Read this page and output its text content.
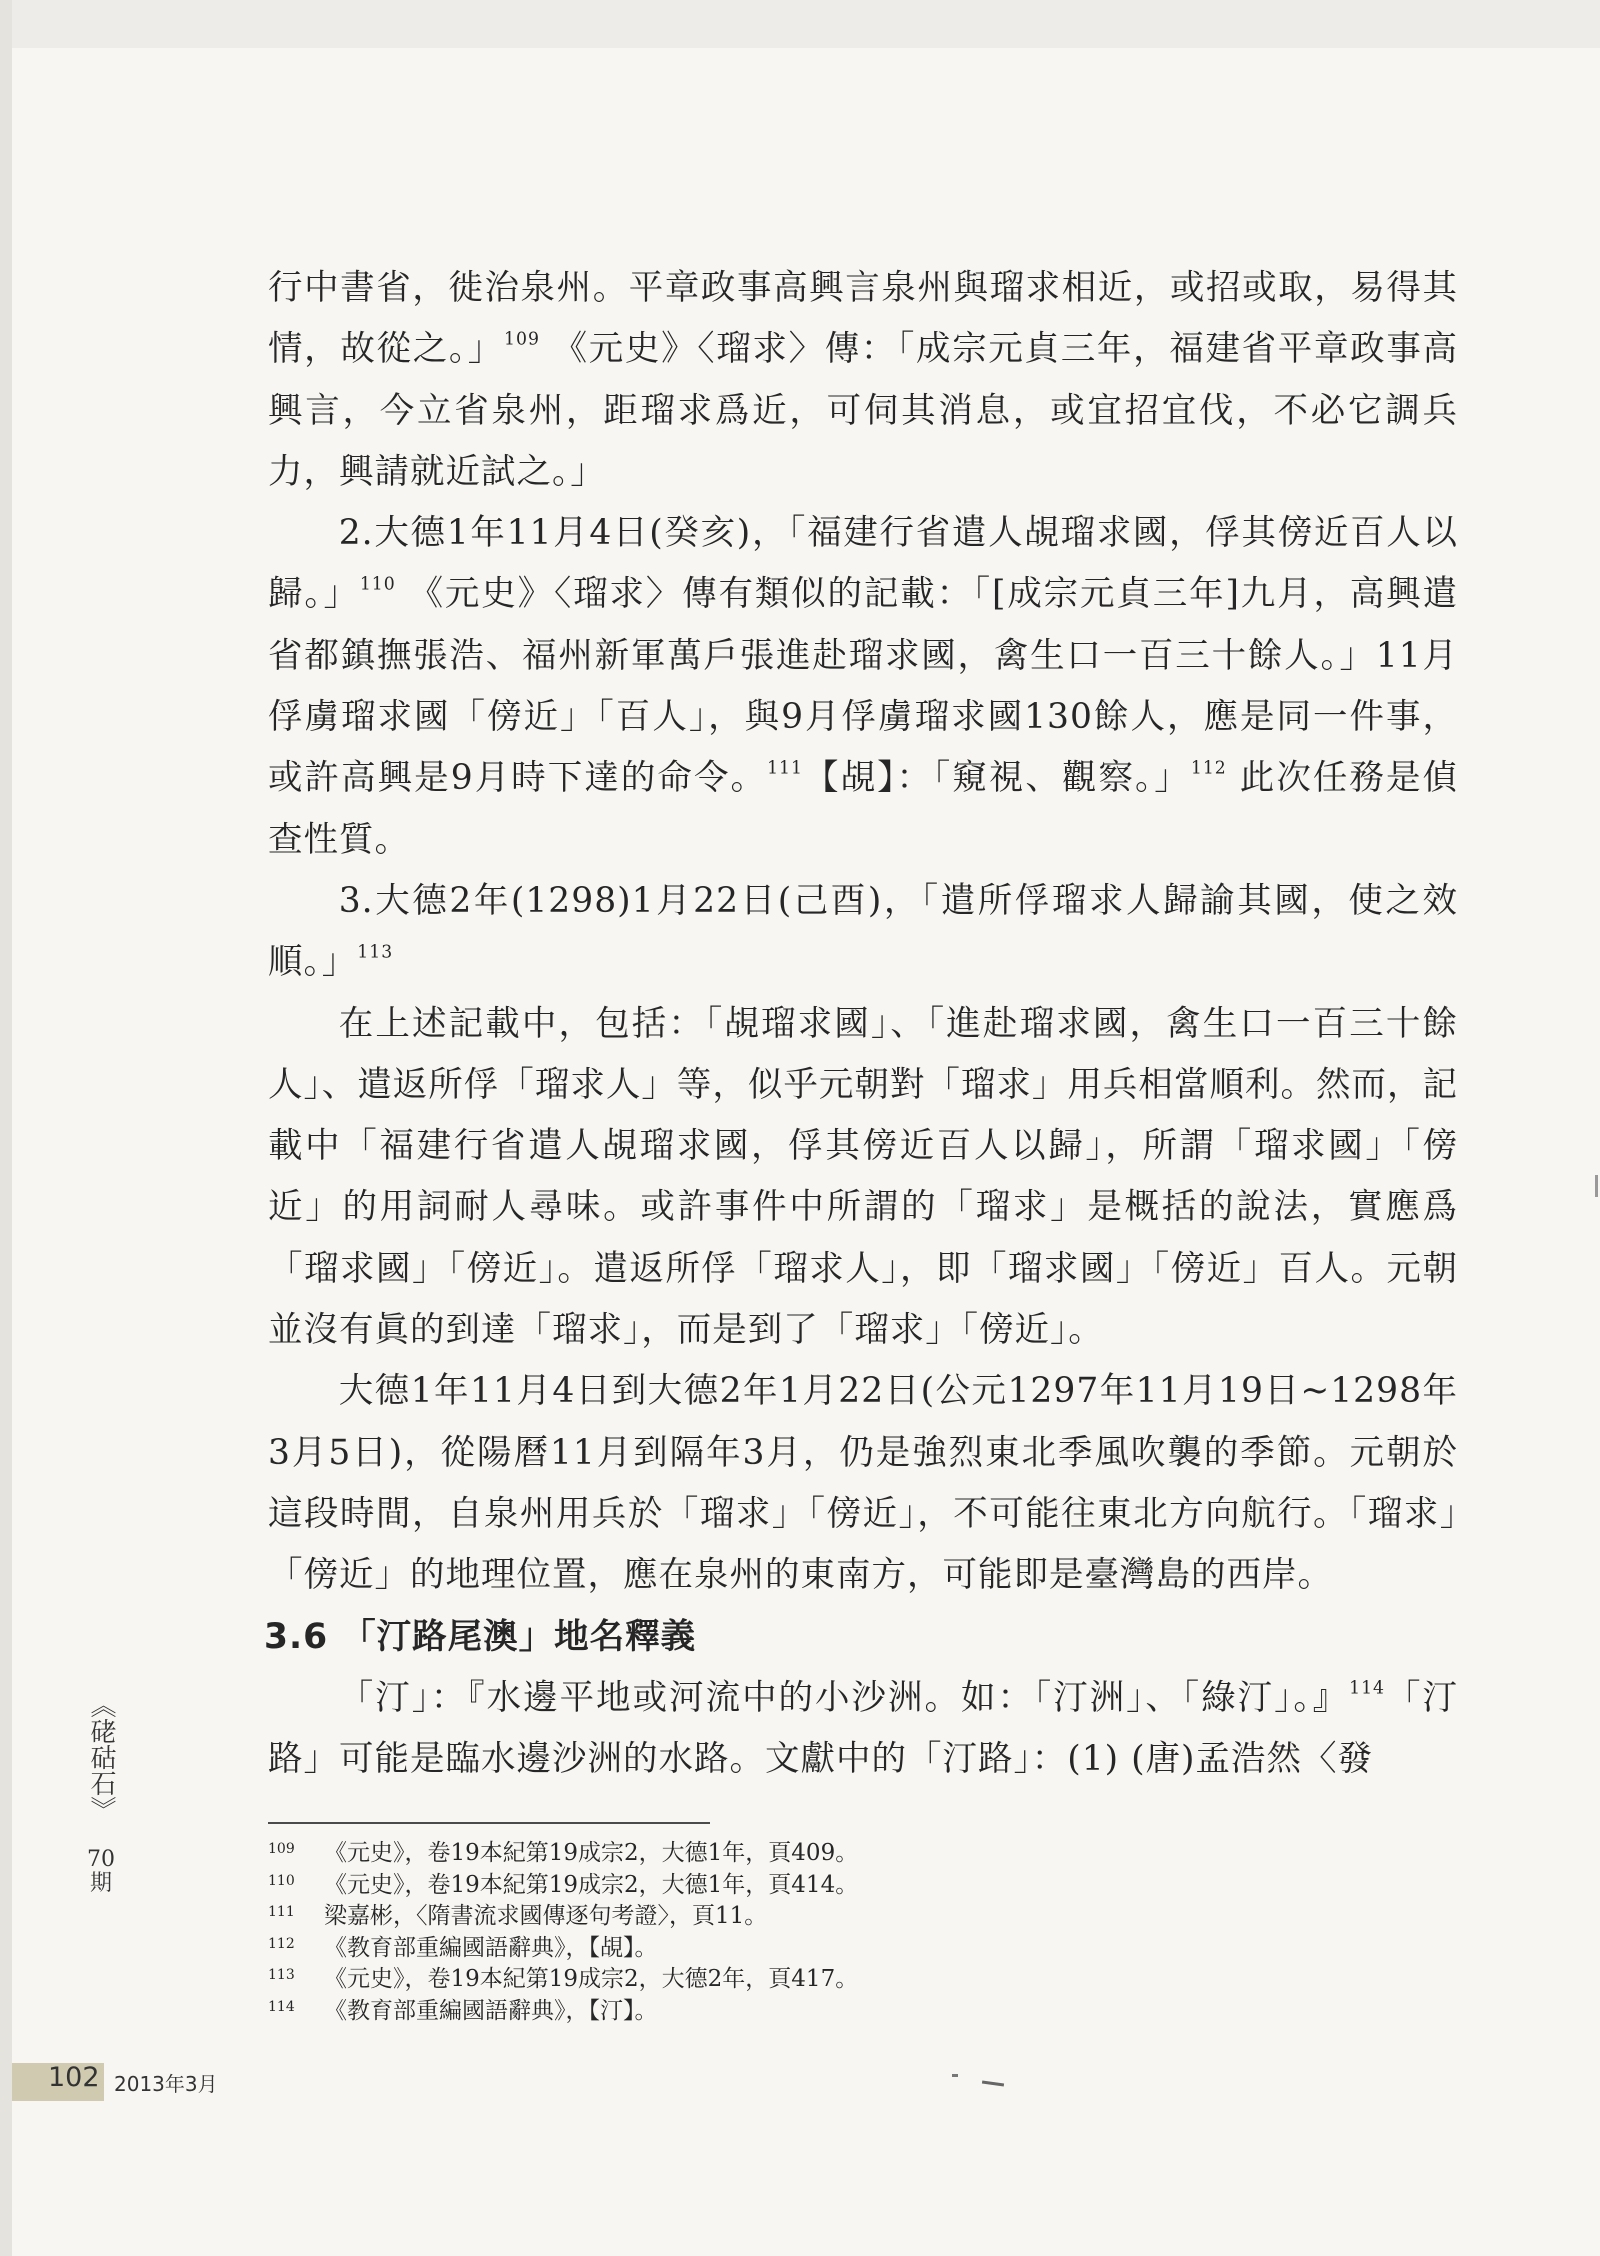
行中書省，徙治泉州。平章政事高興言泉州與瑠求相近，或招或取，易得其情，故從之。」$^{109}$ 《元史》〈瑠求〉傳：「成宗元貞三年，福建省平章政事高興言，今立省泉州，距瑠求爲近，可伺其消息，或宜招宜伐，不必它調兵力，興請就近試之。」

2.大德1年11月4日(癸亥)，「福建行省遣人覘瑠求國，俘其傍近百人以歸。」$^{110}$ 《元史》〈瑠求〉傳有類似的記載：「[成宗元貞三年]九月，高興遣省都鎮撫張浩、福州新軍萬戶張進赴瑠求國，禽生口一百三十餘人。」11月俘虜瑠求國「傍近」「百人」，與9月俘虜瑠求國130餘人，應是同一件事，或許高興是9月時下達的命令。$^{111}$【覘】：「窺視、觀察。」$^{112}$ 此次任務是偵查性質。

3.大德2年(1298)1月22日(己酉)，「遣所俘瑠求人歸諭其國，使之效順。」$^{113}$

在上述記載中，包括：「覘瑠求國」、「進赴瑠求國，禽生口一百三十餘人」、遣返所俘「瑠求人」等，似乎元朝對「瑠求」用兵相當順利。然而，記載中「福建行省遣人覘瑠求國，俘其傍近百人以歸」，所謂「瑠求國」「傍近」的用詞耐人尋味。或許事件中所謂的「瑠求」是概括的說法，實應爲「瑠求國」「傍近」。遣返所俘「瑠求人」，即「瑠求國」「傍近」百人。元朝並沒有眞的到達「瑠求」，而是到了「瑠求」「傍近」。

大德1年11月4日到大德2年1月22日(公元1297年11月19日~1298年3月5日)，從陽曆11月到隔年3月，仍是強烈東北季風吹襲的季節。元朝於這段時間，自泉州用兵於「瑠求」「傍近」，不可能往東北方向航行。「瑠求」「傍近」的地理位置，應在泉州的東南方，可能即是臺灣島的西岸。

3.6 「汀路尾澳」地名釋義

「汀」：『水邊平地或河流中的小沙洲。如：「汀洲」、「綠汀」。』$^{114}$「汀路」可能是臨水邊沙洲的水路。文獻中的「汀路」：(1) (唐)孟浩然〈發

109	《元史》，卷19本紀第19成宗2，大德1年，頁409。
110	《元史》，卷19本紀第19成宗2，大德1年，頁414。
111	梁嘉彬，〈隋書流求國傳逐句考證〉，頁11。
112	《教育部重編國語辭典》，【覘】。
113	《元史》，卷19本紀第19成宗2，大德2年，頁417。
114	《教育部重編國語辭典》，【汀】。
《硓𥑮石》
70期
102 2013年3月
